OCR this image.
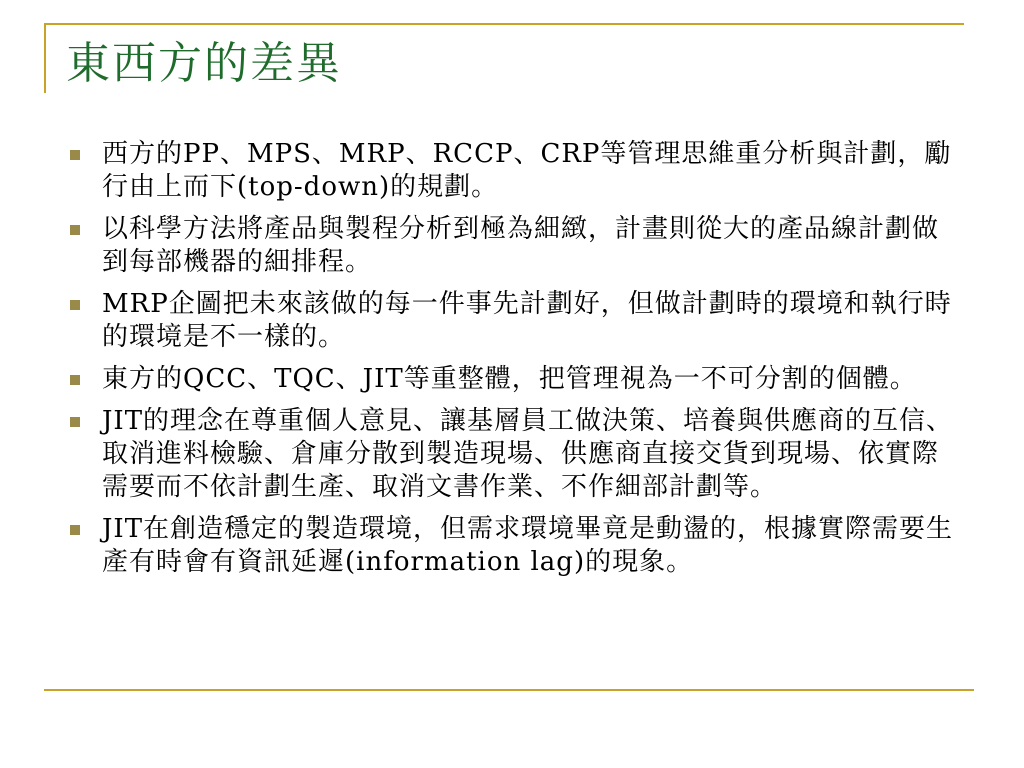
東西方的差異
西方的PP、MPS、MRP、RCCP、CRP等管理思維重分析與計劃，勵行由上而下(top-down)的規劃。
以科學方法將產品與製程分析到極為細緻，計畫則從大的產品線計劃做到每部機器的細排程。
MRP企圖把未來該做的每一件事先計劃好，但做計劃時的環境和執行時的環境是不一樣的。
東方的QCC、TQC、JIT等重整體，把管理視為一不可分割的個體。
JIT的理念在尊重個人意見、讓基層員工做決策、培養與供應商的互信、取消進料檢驗、倉庫分散到製造現場、供應商直接交貨到現場、依實際需要而不依計劃生產、取消文書作業、不作細部計劃等。
JIT在創造穩定的製造環境，但需求環境畢竟是動盪的，根據實際需要生產有時會有資訊延遲(information lag)的現象。
